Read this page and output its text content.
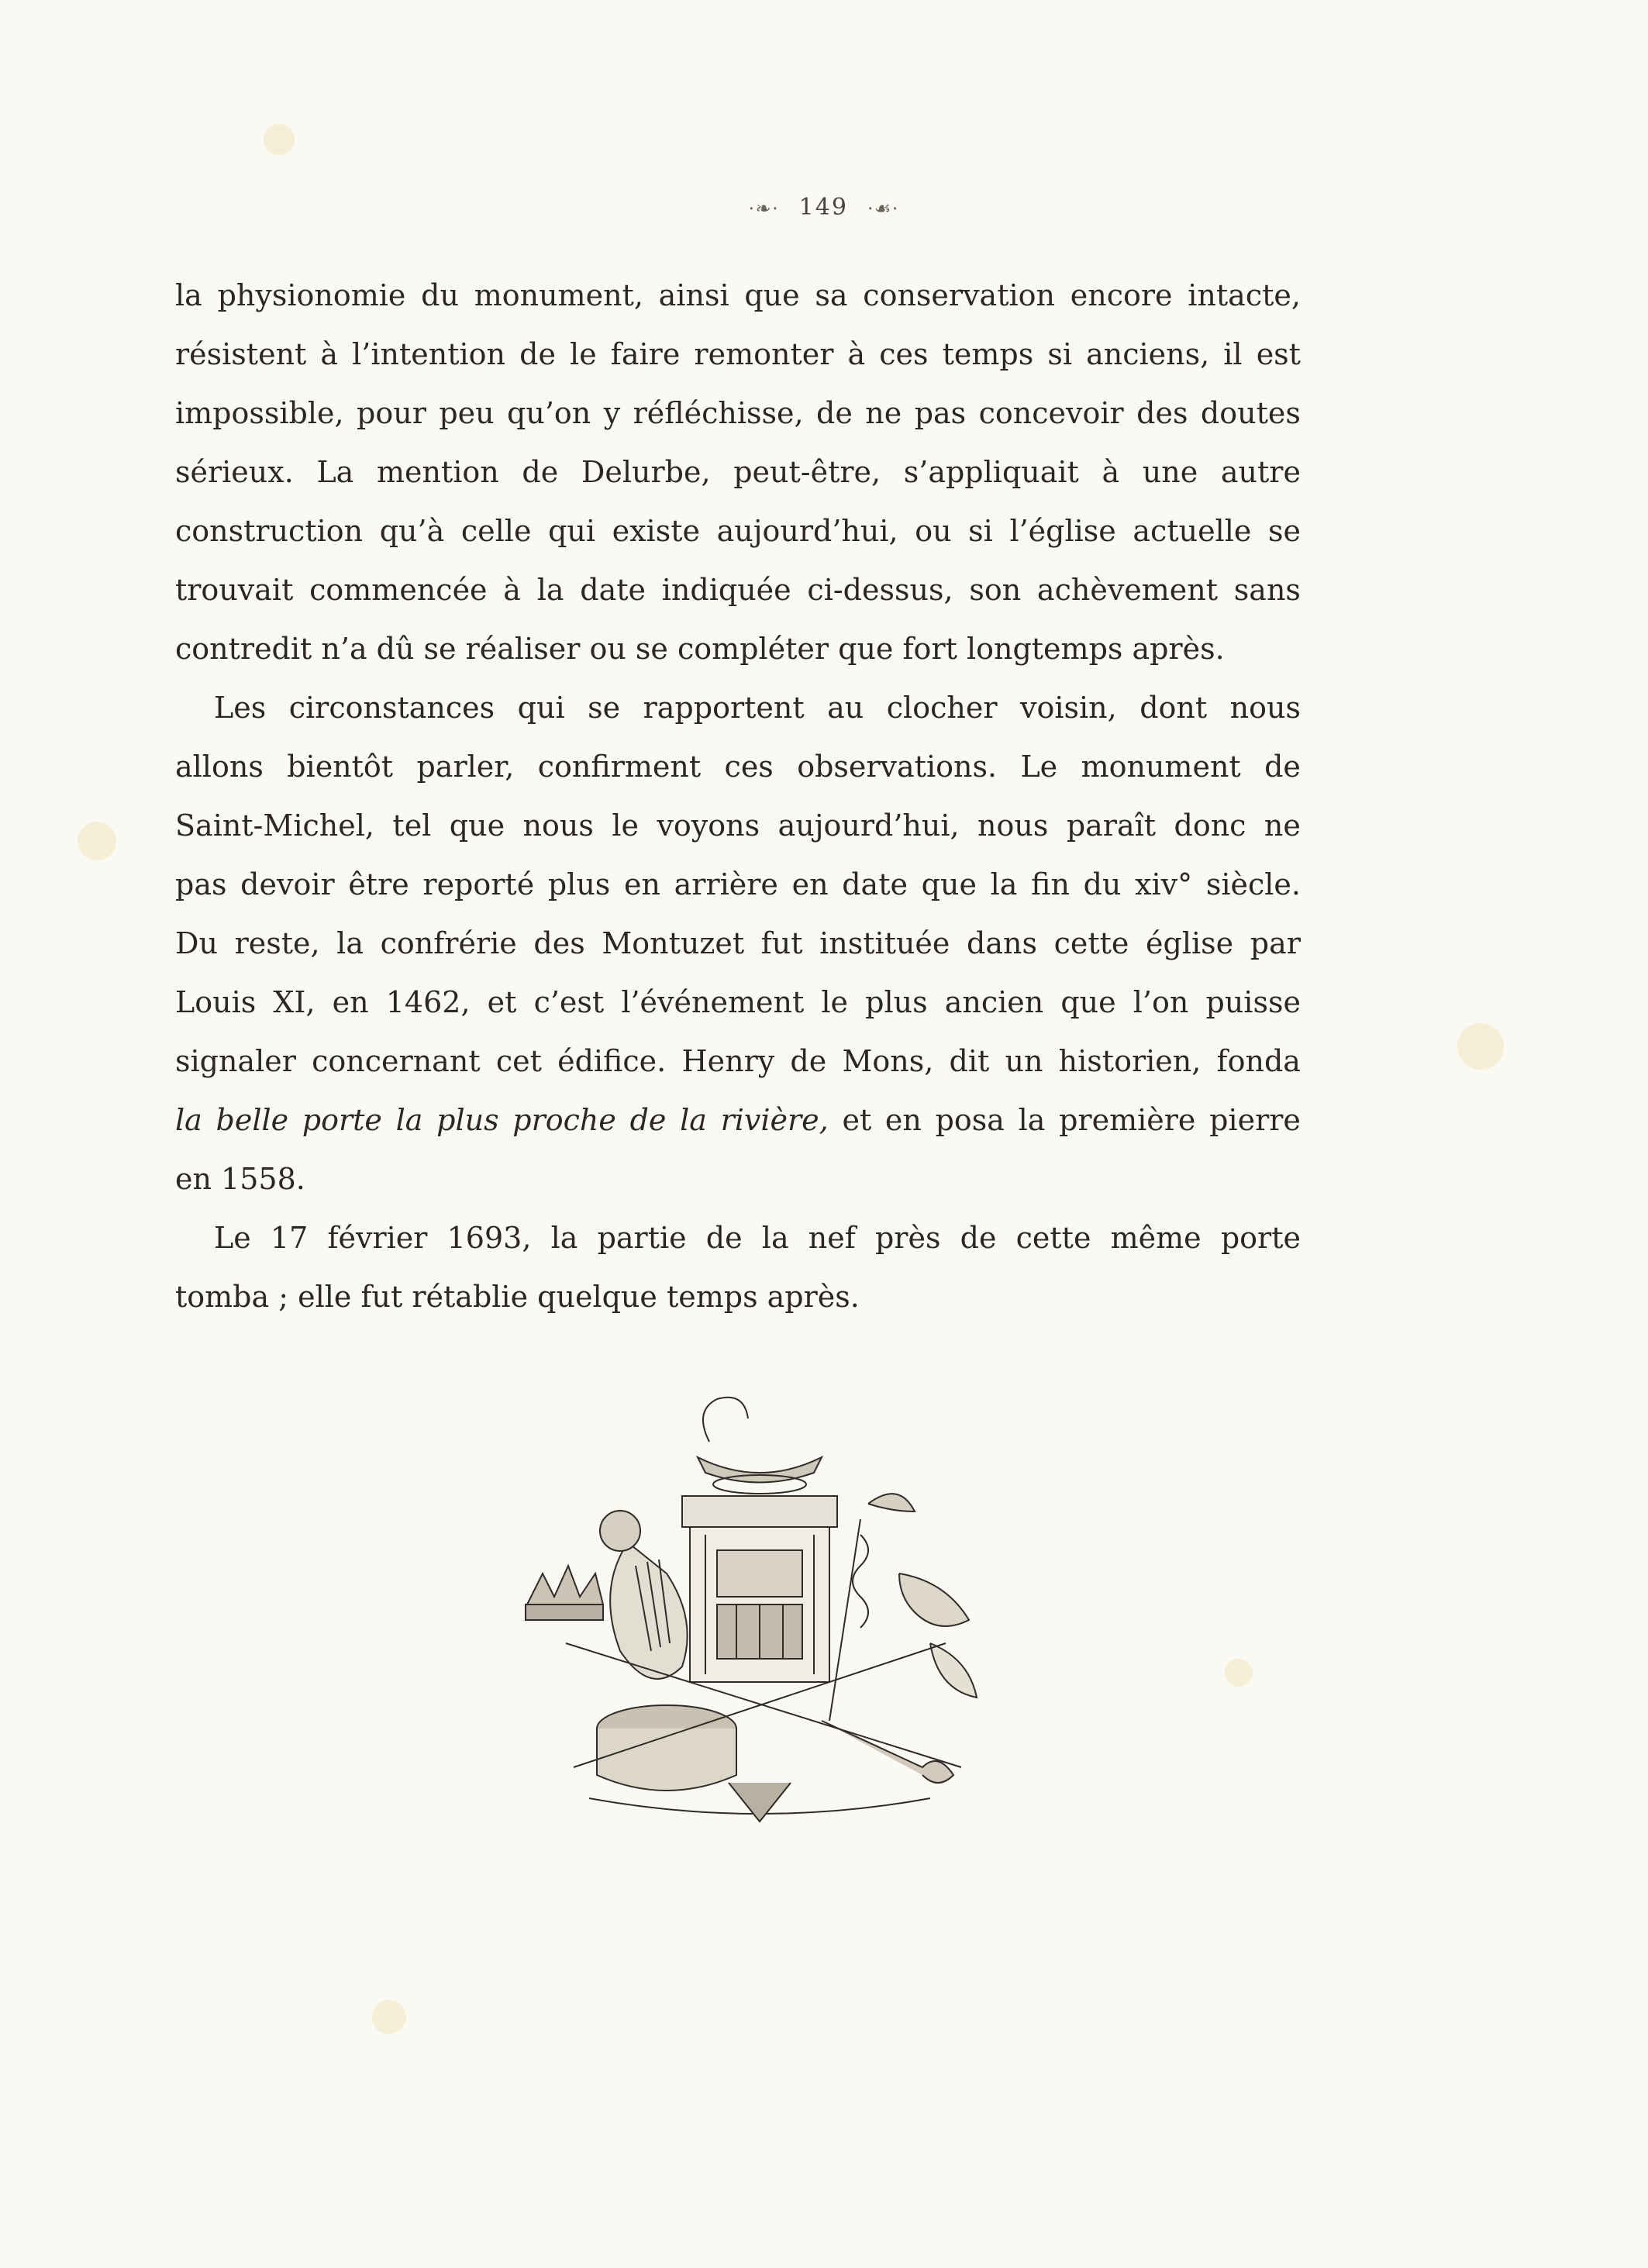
⸱❧⸱ 149 ⸱☙⸱
la physionomie du monument, ainsi que sa conservation encore intacte,
résistent à l’intention de le faire remonter à ces temps si anciens, il est
impossible, pour peu qu’on y réfléchisse, de ne pas concevoir des doutes
sérieux. La mention de Delurbe, peut-être, s’appliquait à une autre
construction qu’à celle qui existe aujourd’hui, ou si l’église actuelle se
trouvait commencée à la date indiquée ci-dessus, son achèvement sans
contredit n’a dû se réaliser ou se compléter que fort longtemps après.
Les circonstances qui se rapportent au clocher voisin, dont nous
allons bientôt parler, confirment ces observations. Le monument de
Saint-Michel, tel que nous le voyons aujourd’hui, nous paraît donc ne
pas devoir être reporté plus en arrière en date que la fin du xiv° siècle.
Du reste, la confrérie des Montuzet fut instituée dans cette église par
Louis XI, en 1462, et c’est l’événement le plus ancien que l’on puisse
signaler concernant cet édifice. Henry de Mons, dit un historien, fonda
la belle porte la plus proche de la rivière, et en posa la première pierre
en 1558.
Le 17 février 1693, la partie de la nef près de cette même porte
tomba ; elle fut rétablie quelque temps après.
